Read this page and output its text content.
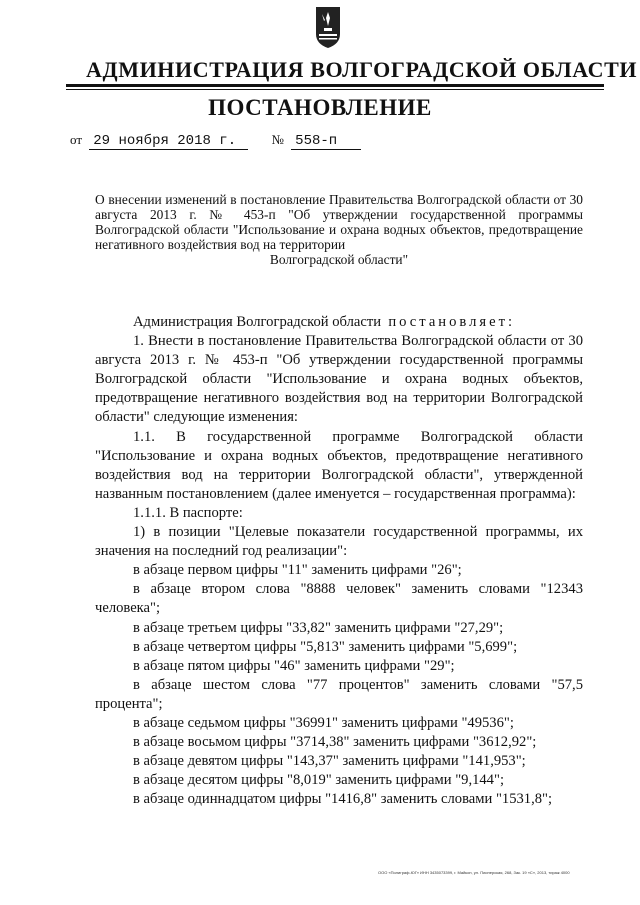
АДМИНИСТРАЦИЯ ВОЛГОГРАДСКОЙ ОБЛАСТИ
ПОСТАНОВЛЕНИЕ
от 29 ноября 2018 г.	№ 558-п
О внесении изменений в постановление Правительства Волгоградской области от 30 августа 2013 г. № 453-п "Об утверждении государственной программы Волгоградской области "Использование и охрана водных объектов, предотвращение негативного воздействия вод на территории
Волгоградской области"

Администрация Волгоградской области постановляет:

1. Внести в постановление Правительства Волгоградской области от 30 августа 2013 г. № 453-п "Об утверждении государственной программы Волгоградской области "Использование и охрана водных объектов, предотвращение негативного воздействия вод на территории Волгоградской области" следующие изменения:

1.1. В государственной программе Волгоградской области "Использование и охрана водных объектов, предотвращение негативного воздействия вод на территории Волгоградской области", утвержденной названным постановлением (далее именуется – государственная программа):

1.1.1. В паспорте:

1) в позиции "Целевые показатели государственной программы, их значения на последний год реализации":

в абзаце первом цифры "11" заменить цифрами "26";

в абзаце втором слова "8888 человек" заменить словами "12343 человека";

в абзаце третьем цифры "33,82" заменить цифрами "27,29";

в абзаце четвертом цифры "5,813" заменить цифрами "5,699";

в абзаце пятом цифры "46" заменить цифрами "29";

в абзаце шестом слова "77 процентов" заменить словами "57,5 процента";

в абзаце седьмом цифры "36991" заменить цифрами "49536";

в абзаце восьмом цифры "3714,38" заменить цифрами "3612,92";

в абзаце девятом цифры "143,37" заменить цифрами "141,953";

в абзаце десятом цифры "8,019" заменить цифрами "9,144";

в абзаце одиннадцатом цифры "1416,8" заменить словами "1531,8";

ООО «Полиграф-ЮГ» ИНН 3435073399, г. Майкоп, ул. Пионерская, 268, Зак. 19 «С», 2013, тираж 4000
